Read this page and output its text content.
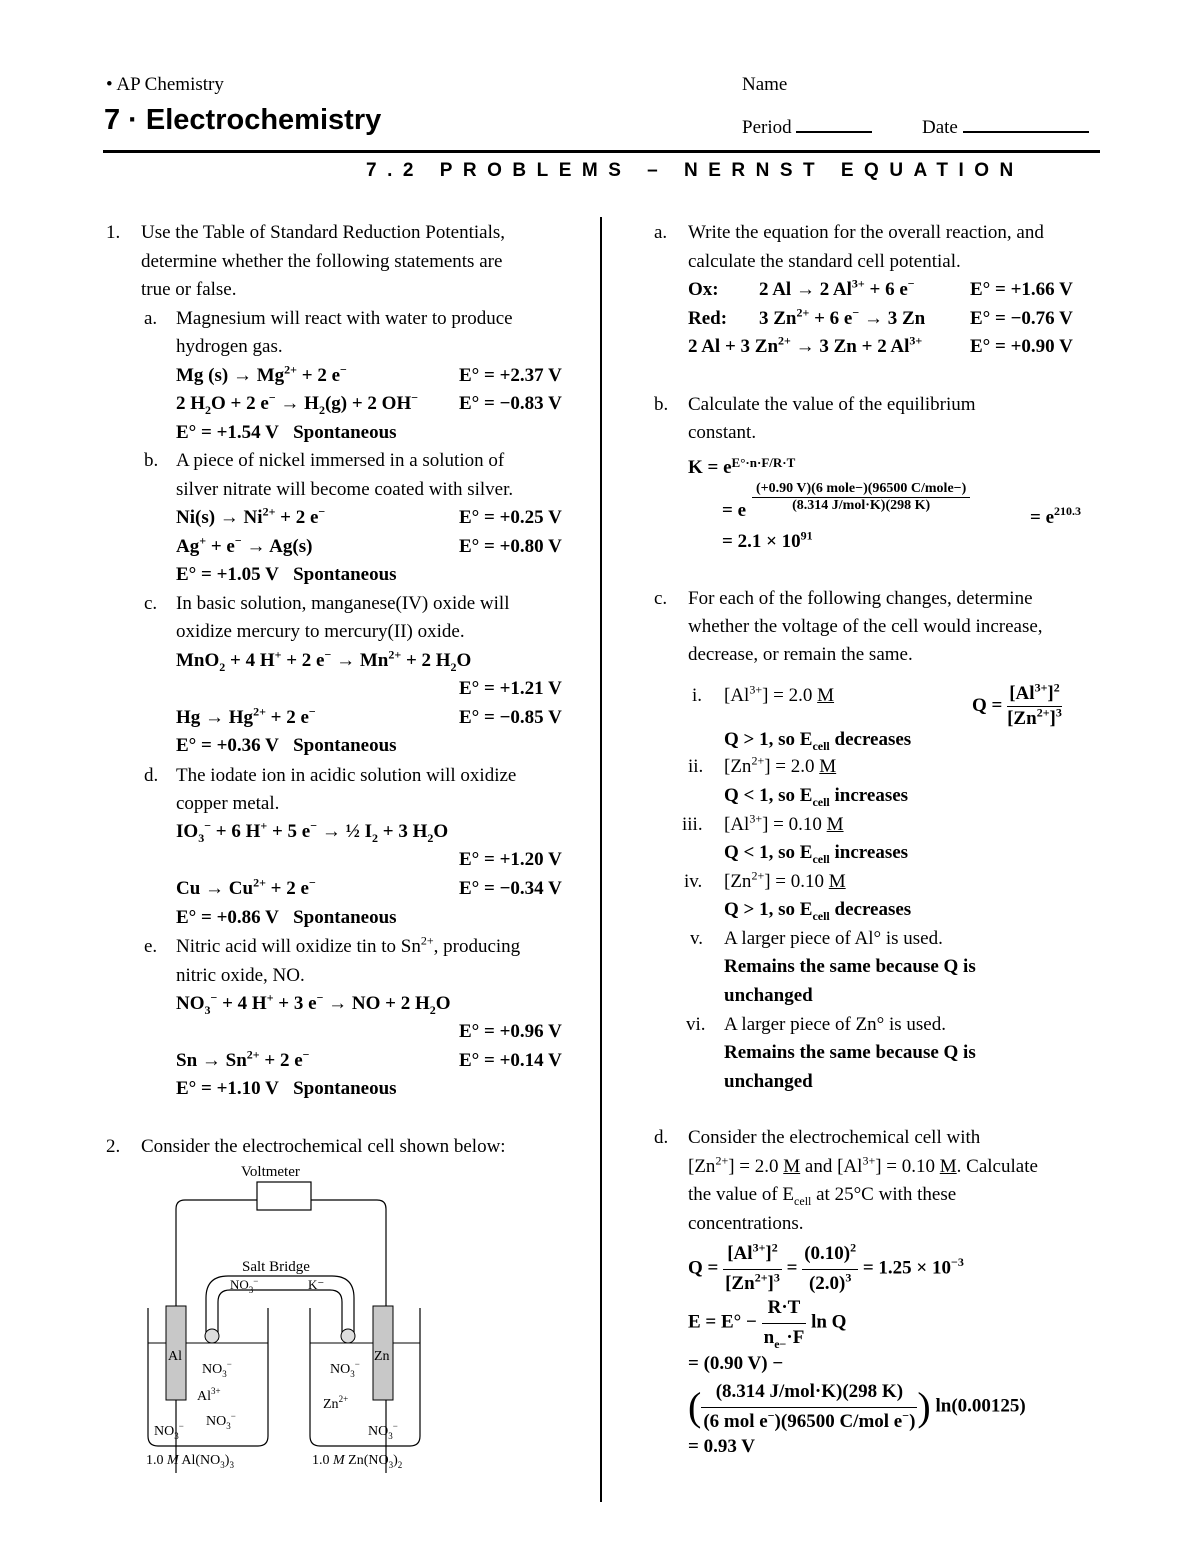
• AP Chemistry
7 · Electrochemistry
Name
Period	Date
7.2 PROBLEMS – NERNST EQUATION
1. Use the Table of Standard Reduction Potentials,
determine whether the following statements are
true or false.
a. Magnesium will react with water to produce
hydrogen gas.
Mg $(s) \to Mg^{2+} + 2$ e−	E° = +2.37 V
2 $H_2O + 2$ $e^- \to H_2(g) + 2$ OH− E° = −0.83 V
E° = +1.54 V Spontaneous
b. A piece of nickel immersed in a solution of
silver nitrate will become coated with silver.
$Ni(s) \to Ni^{2+} + 2$ e−	E° = +0.25 V
Ag+ + e− → Ag(s)	E° = +0.80 V
E° = +1.05 V Spontaneous
c. In basic solution, manganese(IV) oxide will
oxidize mercury to mercury(II) oxide.
MnO$_2$ + 4 H+ + 2 $e^- \to Mn^{2+} + 2$ $H_2O$
E° = +1.21 V
$Hg \to Hg^{2+} + 2$ e−	E° = −0.85 V
E° = +0.36 V Spontaneous
d. The iodate ion in acidic solution will oxidize
copper metal.
$IO_3^- + 6$ H+ + 5 e− → ½ $I_2 + 3$ $H_2O$
E° = +1.20 V
$Cu \to Cu^{2+} + 2$ e−	E° = −0.34 V
E° = +0.86 V Spontaneous
e. Nitric acid will oxidize tin to $Sn^{2+}$, producing
nitric oxide, NO.
$NO_3^- + 4$ H+ + 3 e− → NO + 2 $H_2O$
E° = +0.96 V
$Sn \to Sn^{2+} + 2$ e−	E° = +0.14 V
E° = +1.10 V Spontaneous
2. Consider the electrochemical cell shown below:
Voltmeter
Salt Bridge
$NO_3^-$	K⁻
Al	Zn
$NO_3^-$
$Al^{3+}$
$NO_3^-$ $NO_3^-$
$NO_3^-$
$Zn^{2+}$
$NO_3^-$
1.0 M $Al(NO_3)_3$	1.0 M $Zn(NO_3)_2$
a. Write the equation for the overall reaction, and
calculate the standard cell potential.
Ox: 2 Al → 2 $Al^{3+} + 6$ e−	E° = +1.66 V
Red: 3 $Zn^{2+} + 6$ e− → 3 Zn E° = −0.76 V
2 Al + 3 $Zn^{2+} \to 3$ Zn + 2 $Al^{3+}$	E° = +0.90 V
b. Calculate the value of the equilibrium
constant.
$K = e^{E^\circ\cdot n\cdot F/R\cdot T}$
= e
(+0.90 V)(6 mole−)(96500 C/mole−)
(8.314 J/mol·K)(298 K)
= $e^{210.3}$
= $2.1 \times 10^{91}$
c. For each of the following changes, determine
whether the voltage of the cell would increase,
decrease, or remain the same.
i. $[Al^{3+}] = 2.0$ M	$Q = \frac{[Al^{3+}]^2}{[Zn^{2+}]^3}$
Q > 1, so $E_{cell}$ decreases
ii. $[Zn^{2+}] = 2.0$ M
Q < 1, so $E_{cell}$ increases
iii. $[Al^{3+}] = 0.10$ M
Q < 1, so $E_{cell}$ increases
iv. $[Zn^{2+}] = 0.10$ M
Q > 1, so $E_{cell}$ decreases
v. A larger piece of Al° is used.
Remains the same because Q is
unchanged
vi. A larger piece of Zn° is used.
Remains the same because Q is
unchanged
d. Consider the electrochemical cell with
$[Zn^{2+}] = 2.0$ M and $[Al^{3+}] = 0.10$ M. Calculate
the value of $E_{cell}$ at 25°C with these
concentrations.
$Q = \frac{[Al^{3+}]^2}{[Zn^{2+}]^3} = \frac{(0.10)^2}{(2.0)^3} = 1.25 \times 10^{-3}$
$E = E^\circ - \frac{R\cdot T}{n_{e-}\cdot F}$ ln Q
= (0.90 V) −
( $\frac{\text{(8.314 J/mol·K)(298 K)}}{(6 mol e^-)(96500 C/mol e^-)}$ ) ln(0.00125)
= 0.93 V
